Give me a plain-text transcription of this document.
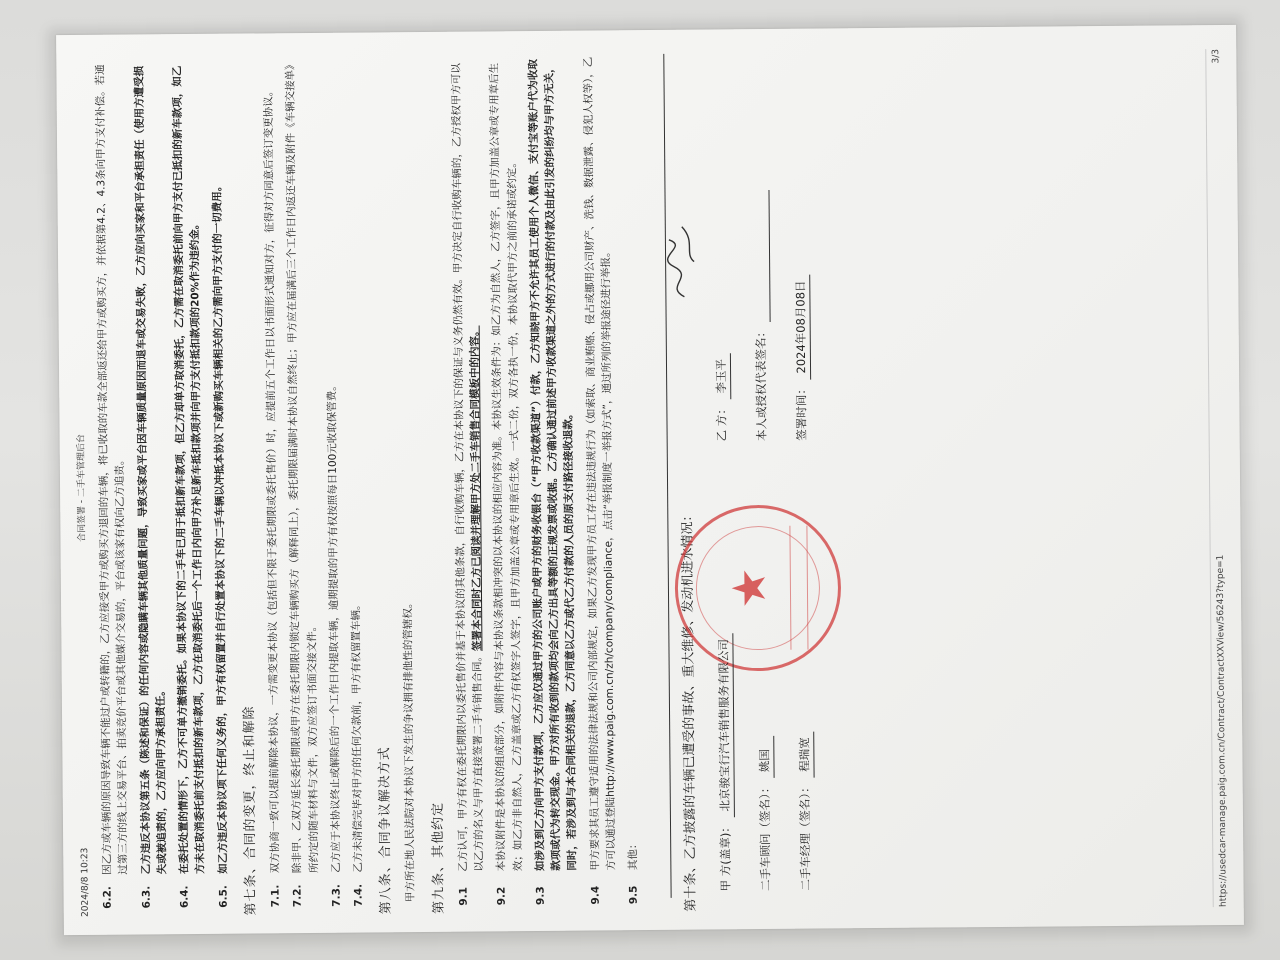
2024/8/8 10:23
合同签署 - 二手车管理后台
6.2.
因乙方或车辆的原因导致车辆不能过户或转籍的，乙方应接受甲方或购买方退回的车辆，将已收取的车款全部返还给甲方或购买方，并依据第4.2、4.3条向甲方支付补偿。若通过第三方的线上交易平台、拍卖竞价平台或其他媒介交易的，平台或该家有权向乙方追责。
6.3.
乙方违反本协议第五条（陈述和保证）的任何内容或隐瞒车辆其他质量问题，导致买家或平台因车辆质量原因而退车或交易失败，乙方应向买家和平台承担责任（使用方遭受损失或被追责的，乙方应向甲方承担责任。
6.4.
在委托处置的情形下，乙方不可单方撤销委托。如果本协议下的二手车已用于抵扣新车款项，但乙方却单方取消委托，乙方需在取消委托前向甲方支付已抵扣的新车款项，如乙方未在取消委托前支付抵扣的新车款项，乙方在取消委托后一个工作日内向甲方补足新车抵扣款项并向甲方支付抵扣款项的20%作为违约金。
6.5.
如乙方违反本协议项下任何义务的，甲方有权留置并自行处置本协议下的二手车辆以冲抵本协议下或新购买车辆相关的乙方需向甲方支付的一切费用。 第七条、合同的变更，终止和解除 7.1.
双方协商一致可以提前解除本协议，一方需变更本协议（包括但不限于委托期限或委托售价）时，应提前五个工作日以书面形式通知对方，征得对方同意后签订变更协议。
7.2.
除非甲、乙双方延长委托期限或甲方在委托期限内锁定车辆购买方（解释同上），委托期限届满时本协议自然终止；甲方应在届满后三个工作日内返还车辆及附件《车辆交接单》所约定的随车材料与文件，双方应签订书面交接文件。
7.3.
乙方应于本协议终止或解除后的一个工作日内提取车辆，逾期提取的甲方有权按照每日100元收取保管费。
7.4.
乙方未清偿完毕对甲方的任何欠款前，甲方有权留置车辆。	第八条、合同争议解决方式 甲方所在地人民法院对本协议下发生的争议拥有排他性的管辖权。	第九条、其他约定 9.1
乙方认可，甲方有权在委托期限内以委托售价并基于本协议的其他条款，自行收购车辆，乙方在本协议下的保证与义务仍然有效。甲方决定自行收购车辆的，乙方授权甲方可以以乙方的名义与甲方直接签署二手车销售合同。签署本合同时乙方已阅读并理解甲方处二手车销售合同模板中的内容。
9.2
本协议附件是本协议的组成部分，如附件内容与本协议条款相冲突的以本协议的相应内容为准。本协议生效条件为：如乙方为自然人，乙方签字，且甲方加盖公章或专用章后生效；如乙方非自然人，乙方盖章或乙方有权签字人签字，且甲方加盖公章或专用章后生效。一式二份，双方各执一份，本协议取代甲方之前的承诺或约定。
9.3
如涉及到乙方向甲方支付款项，乙方应仅通过甲方的公司账户或甲方的财务收银台（“甲方收款渠道”）付款，乙方知晓甲方不允许其员工使用个人微信、支付宝等账户代为收取款项或代为转交现金。甲方对所有收到的款项均会向乙方出具等额的正规发票或收据。乙方确认通过前述甲方收款渠道之外的方式进行的付款及由此引发的纠纷均与甲方无关，同时，若涉及到与本合同相关的退款，乙方同意以乙方或代乙方付款的人员的原支付路径接收退款。
9.4
甲方要求其员工遵守适用的法律法规和公司内部规定，如果乙方发现甲方员工存在违法违规行为（如索取、商业贿赂、侵占或挪用公司财产、洗钱、数据泄露、侵犯人权等），乙方可以通过登陆http://www.paig.com.cn/zh/company/compliance，点击“举报制度一举报方式”，通过所列的举报途径进行举报。
9.5
其他：	第十条、乙方披露的车辆已遭受的事故、重大维修、发动机进水情况： ★
甲 方(盖章)： 北京骏宝行汽车销售服务有限公司
二手车顾问（签名）： 姚国
二手车经理（签名）： 程瑞宽
乙 方： 李玉平	本人或授权代表签名：	签署时间： 2024年08月08日
https://usedcar-manage.paig.com.cn/Contract/ContractXXView/56243?type=1
3/3
